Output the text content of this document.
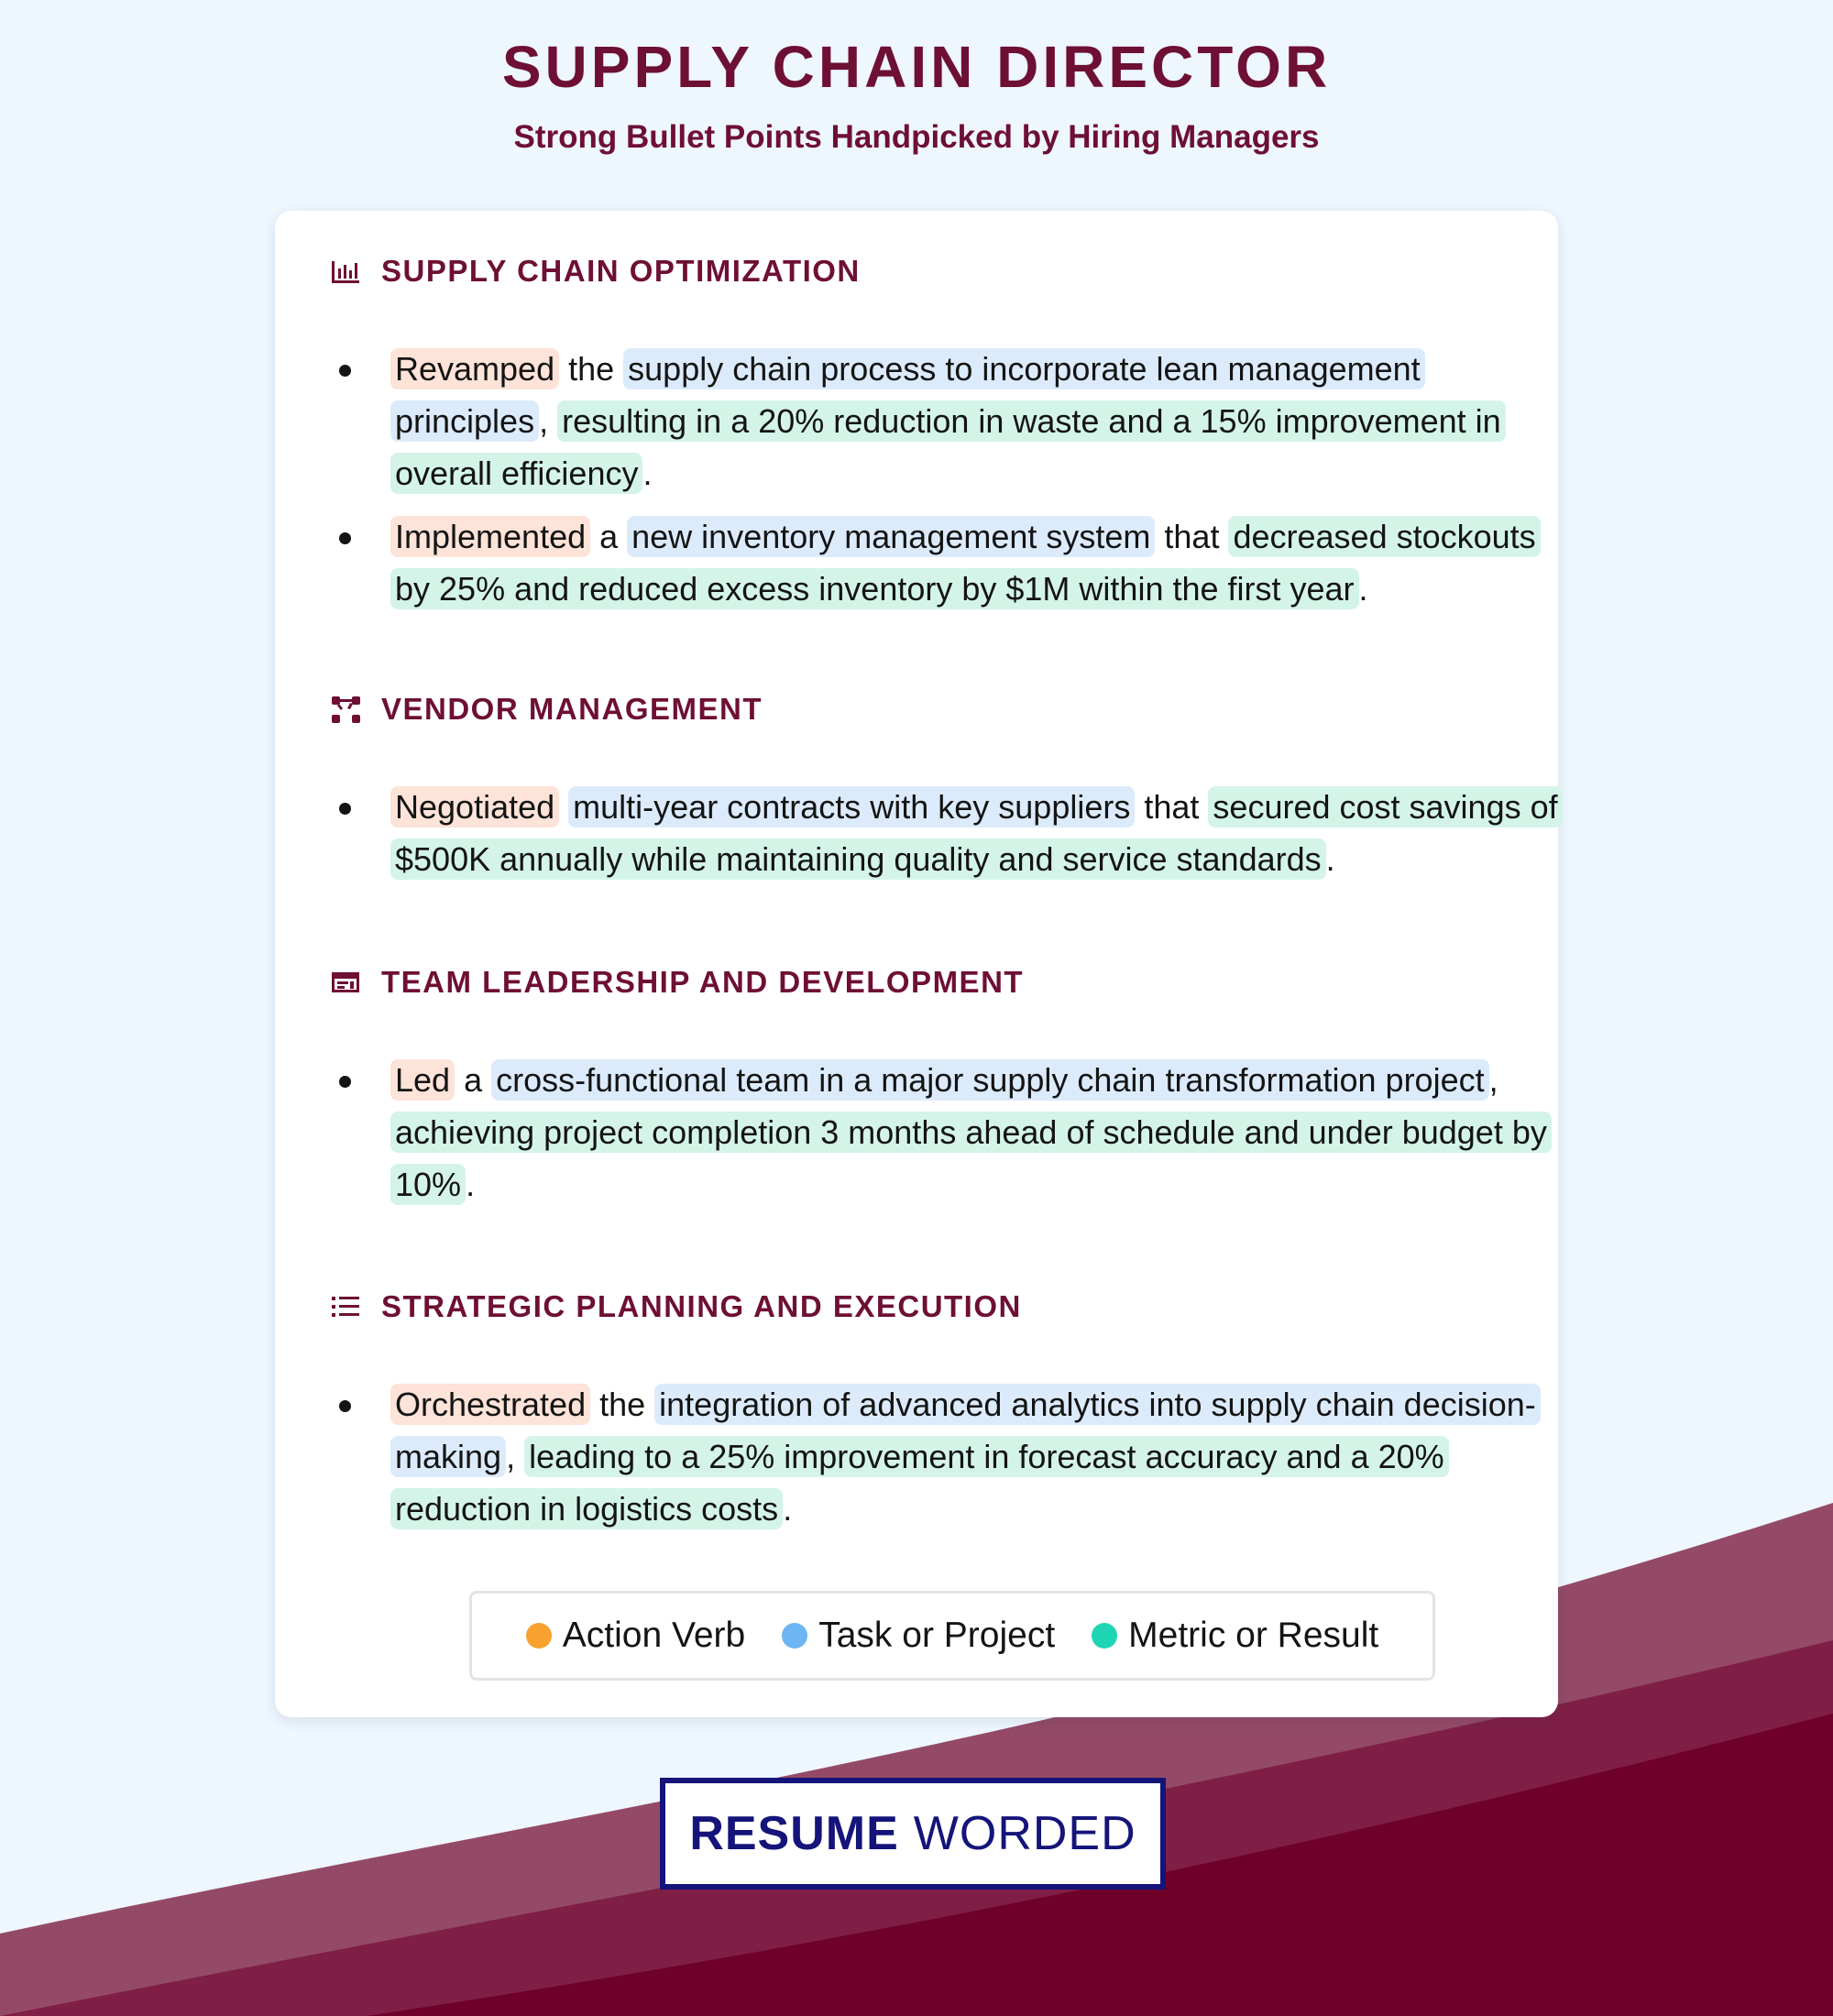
SUPPLY CHAIN DIRECTOR
Strong Bullet Points Handpicked by Hiring Managers
SUPPLY CHAIN OPTIMIZATION
Revamped the supply chain process to incorporate lean management principles , resulting in a 20% reduction in waste and a 15% improvement in overall efficiency .
Implemented a new inventory management system that decreased stockouts by 25% and reduced excess inventory by $1M within the first year .
VENDOR MANAGEMENT
Negotiated multi-year contracts with key suppliers that secured cost savings of $500K annually while maintaining quality and service standards .
TEAM LEADERSHIP AND DEVELOPMENT
Led a cross-functional team in a major supply chain transformation project , achieving project completion 3 months ahead of schedule and under budget by 10% .
STRATEGIC PLANNING AND EXECUTION
Orchestrated the integration of advanced analytics into supply chain decision-making , leading to a 25% improvement in forecast accuracy and a 20% reduction in logistics costs .
Action Verb Task or Project Metric or Result
RESUME WORDED
